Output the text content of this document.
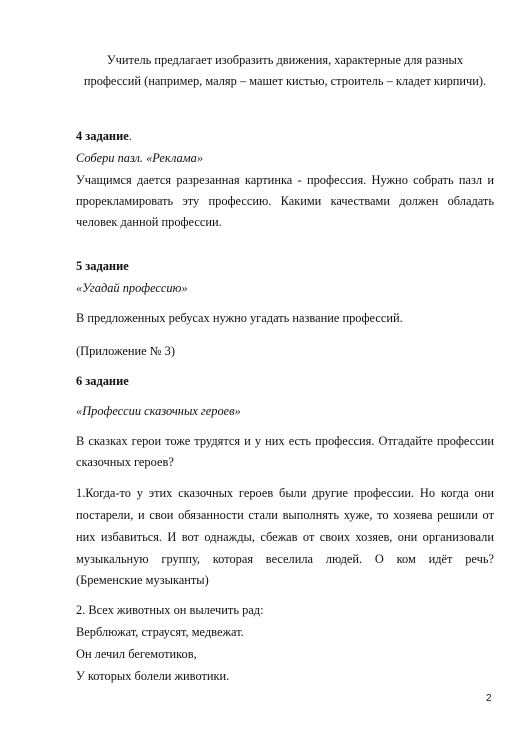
Учитель предлагает изобразить движения, характерные для разных
профессий (например, маляр – машет кистью, строитель – кладет кирпичи).
4 задание.
Собери пазл. «Реклама»
Учащимся дается разрезанная картинка - профессия. Нужно собрать пазл и
прорекламировать эту профессию. Какими качествами должен обладать
человек данной профессии.
5 задание
«Угадай профессию»
В предложенных ребусах нужно угадать название профессий.
(Приложение № 3)
6 задание
«Профессии сказочных героев»
В сказках герои тоже трудятся и у них есть профессия. Отгадайте профессии
сказочных героев?
1.Когда-то у этих сказочных героев были другие профессии. Но когда они
постарели, и свои обязанности стали выполнять хуже, то хозяева решили от
них избавиться. И вот однажды, сбежав от своих хозяев, они организовали
музыкальную группу, которая веселила людей. О ком идёт речь?
(Бременские музыканты)
2. Всех животных он вылечить рад:
Верблюжат, страусят, медвежат.
Он лечил бегемотиков,
У которых болели животики.
2
